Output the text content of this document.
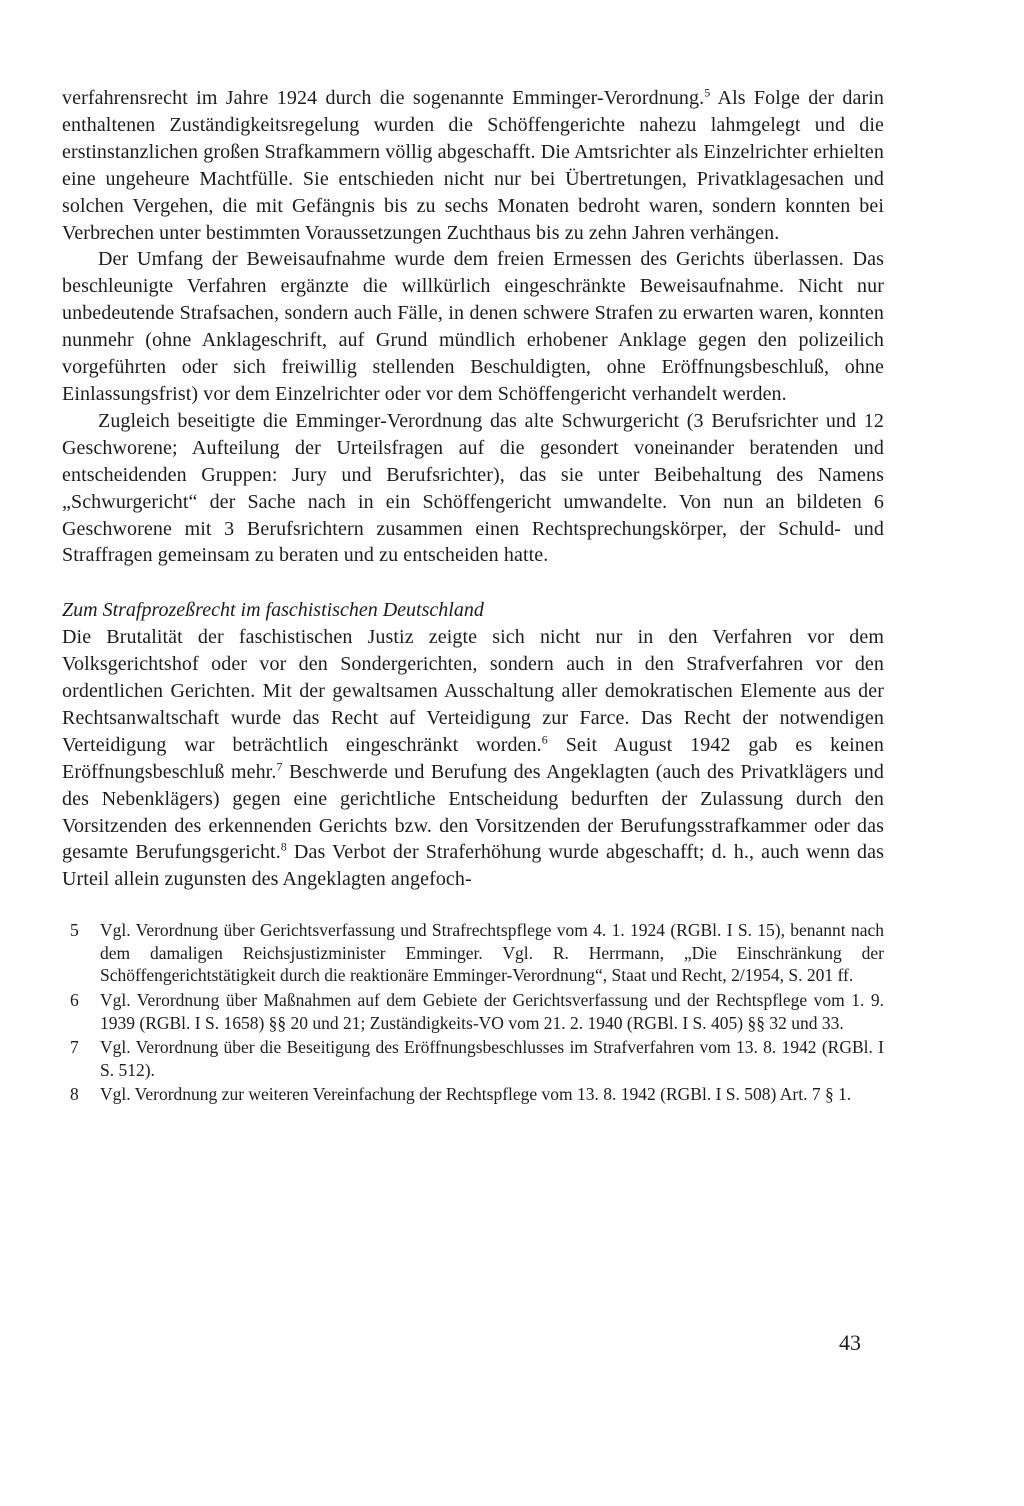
verfahrensrecht im Jahre 1924 durch die sogenannte Emminger-Verordnung.$^5$ Als Folge der darin enthaltenen Zuständigkeitsregelung wurden die Schöffengerichte nahezu lahmgelegt und die erstinstanzlichen großen Strafkammern völlig abgeschafft. Die Amtsrichter als Einzelrichter erhielten eine ungeheure Machtfülle. Sie entschieden nicht nur bei Übertretungen, Privatklagesachen und solchen Vergehen, die mit Gefängnis bis zu sechs Monaten bedroht waren, sondern konnten bei Verbrechen unter bestimmten Voraussetzungen Zuchthaus bis zu zehn Jahren verhängen.

Der Umfang der Beweisaufnahme wurde dem freien Ermessen des Gerichts überlassen. Das beschleunigte Verfahren ergänzte die willkürlich eingeschränkte Beweisaufnahme. Nicht nur unbedeutende Strafsachen, sondern auch Fälle, in denen schwere Strafen zu erwarten waren, konnten nunmehr (ohne Anklageschrift, auf Grund mündlich erhobener Anklage gegen den polizeilich vorgeführten oder sich freiwillig stellenden Beschuldigten, ohne Eröffnungsbeschluß, ohne Einlassungsfrist) vor dem Einzelrichter oder vor dem Schöffengericht verhandelt werden.

Zugleich beseitigte die Emminger-Verordnung das alte Schwurgericht (3 Berufsrichter und 12 Geschworene; Aufteilung der Urteilsfragen auf die gesondert voneinander beratenden und entscheidenden Gruppen: Jury und Berufsrichter), das sie unter Beibehaltung des Namens „Schwurgericht“ der Sache nach in ein Schöffengericht umwandelte. Von nun an bildeten 6 Geschworene mit 3 Berufsrichtern zusammen einen Rechtsprechungskörper, der Schuld- und Straffragen gemeinsam zu beraten und zu entscheiden hatte.

Zum Strafprozeßrecht im faschistischen Deutschland

Die Brutalität der faschistischen Justiz zeigte sich nicht nur in den Verfahren vor dem Volksgerichtshof oder vor den Sondergerichten, sondern auch in den Strafverfahren vor den ordentlichen Gerichten. Mit der gewaltsamen Ausschaltung aller demokratischen Elemente aus der Rechtsanwaltschaft wurde das Recht auf Verteidigung zur Farce. Das Recht der notwendigen Verteidigung war beträchtlich eingeschränkt worden.$^6$ Seit August 1942 gab es keinen Eröffnungsbeschluß mehr.$^7$ Beschwerde und Berufung des Angeklagten (auch des Privatklägers und des Nebenklägers) gegen eine gerichtliche Entscheidung bedurften der Zulassung durch den Vorsitzenden des erkennenden Gerichts bzw. den Vorsitzenden der Berufungsstrafkammer oder das gesamte Berufungsgericht.$^8$ Das Verbot der Straferhöhung wurde abgeschafft; d. h., auch wenn das Urteil allein zugunsten des Angeklagten angefoch-

5	Vgl. Verordnung über Gerichtsverfassung und Strafrechtspflege vom 4. 1. 1924 (RGBl. I S. 15), benannt nach dem damaligen Reichsjustizminister Emminger. Vgl. R. Herrmann, „Die Einschränkung der Schöffengerichtstätigkeit durch die reaktionäre Emminger-Verordnung“, Staat und Recht, 2/1954, S. 201 ff.
6	Vgl. Verordnung über Maßnahmen auf dem Gebiete der Gerichtsverfassung und der Rechtspflege vom 1. 9. 1939 (RGBl. I S. 1658) §§ 20 und 21; Zuständigkeits-VO vom 21. 2. 1940 (RGBl. I S. 405) §§ 32 und 33.
7	Vgl. Verordnung über die Beseitigung des Eröffnungsbeschlusses im Strafverfahren vom 13. 8. 1942 (RGBl. I S. 512).
8	Vgl. Verordnung zur weiteren Vereinfachung der Rechtspflege vom 13. 8. 1942 (RGBl. I S. 508) Art. 7 § 1.
43
